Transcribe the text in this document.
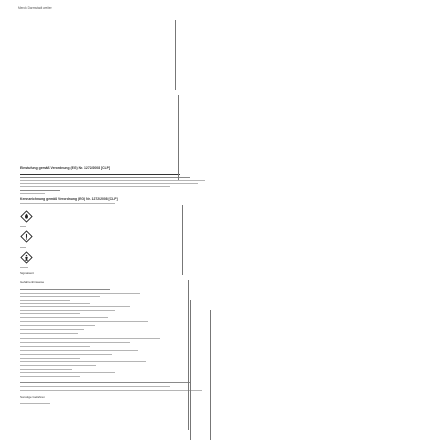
Merck Darmstadt weiter
Einstufung gemäß Verordnung (EG) Nr. 1272/2008 [CLP]
Kennzeichnung gemäß Verordnung (EG) Nr. 1272/2008 [CLP]
Signalwort
Gefahrenhinweise
Sonstige Gefahren
